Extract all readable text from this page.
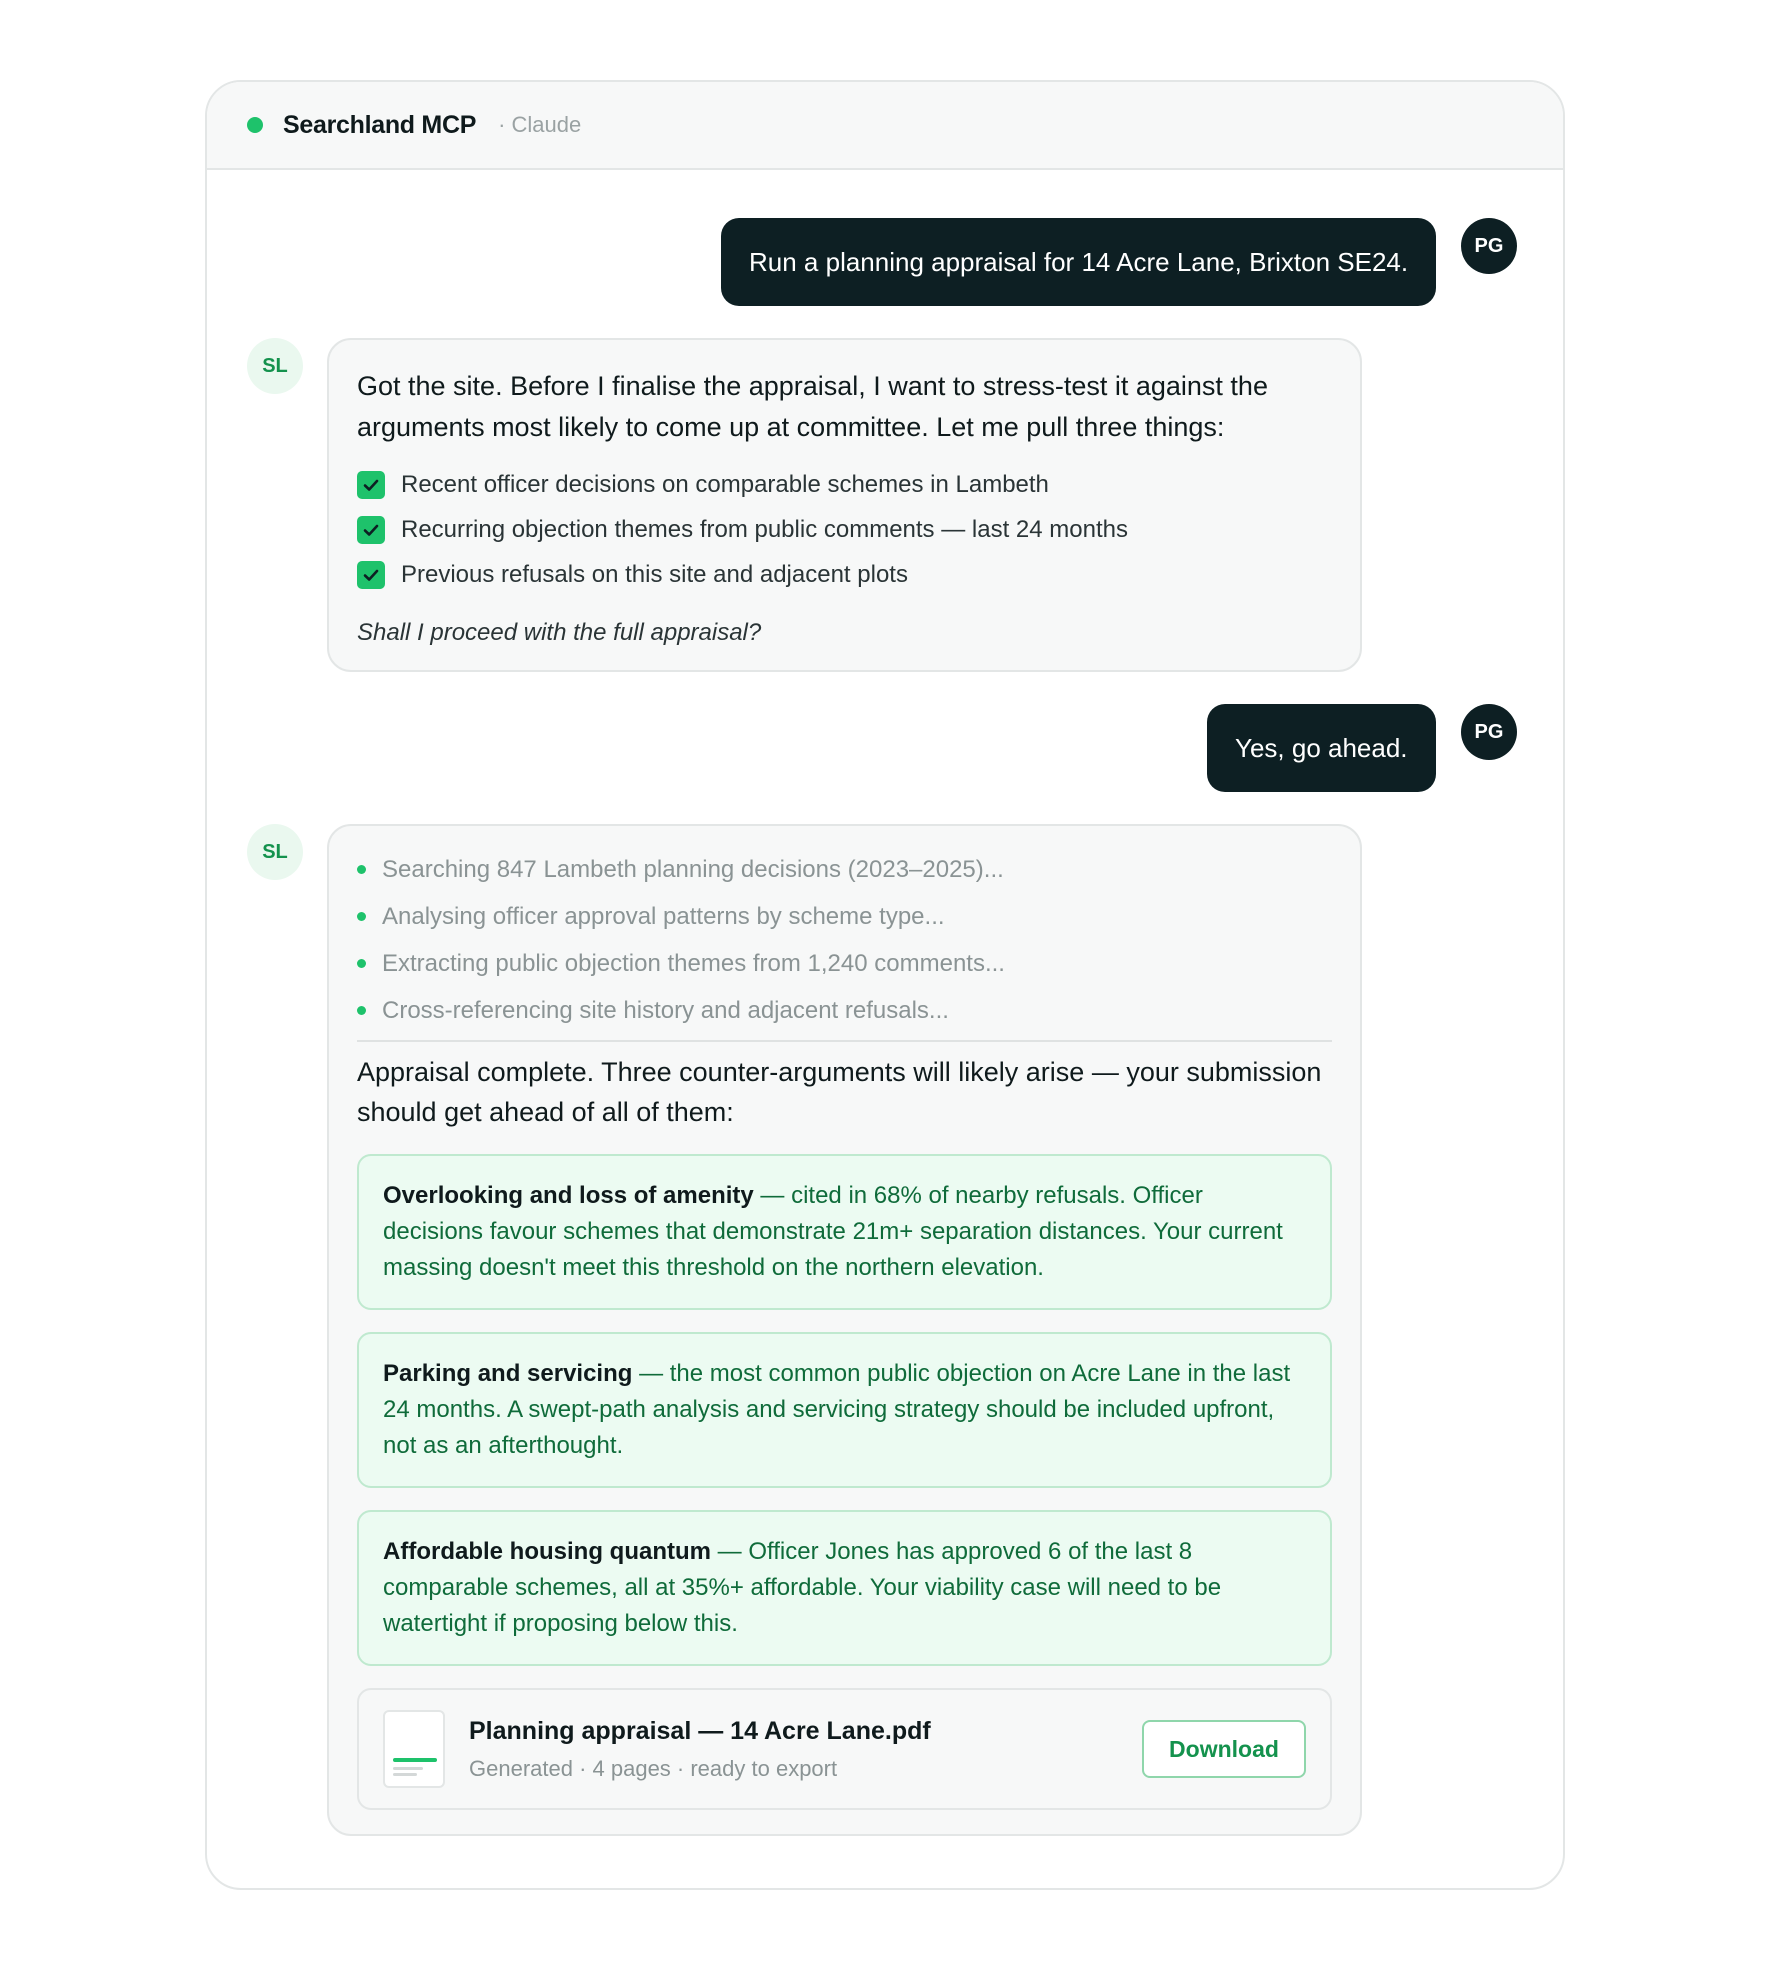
Searchland MCP · Claude
Run a planning appraisal for 14 Acre Lane, Brixton SE24.
PG
SL
Got the site. Before I finalise the appraisal, I want to stress-test it against the arguments most likely to come up at committee. Let me pull three things:
Recent officer decisions on comparable schemes in Lambeth
Recurring objection themes from public comments — last 24 months
Previous refusals on this site and adjacent plots
Shall I proceed with the full appraisal?
Yes, go ahead.
PG
SL
Searching 847 Lambeth planning decisions (2023–2025)...
Analysing officer approval patterns by scheme type...
Extracting public objection themes from 1,240 comments...
Cross-referencing site history and adjacent refusals...
Appraisal complete. Three counter-arguments will likely arise — your submission should get ahead of all of them:
Overlooking and loss of amenity — cited in 68% of nearby refusals. Officer decisions favour schemes that demonstrate 21m+ separation distances. Your current massing doesn't meet this threshold on the northern elevation.
Parking and servicing — the most common public objection on Acre Lane in the last 24 months. A swept-path analysis and servicing strategy should be included upfront, not as an afterthought.
Affordable housing quantum — Officer Jones has approved 6 of the last 8 comparable schemes, all at 35%+ affordable. Your viability case will need to be watertight if proposing below this.
Planning appraisal — 14 Acre Lane.pdf
Generated · 4 pages · ready to export
Download
